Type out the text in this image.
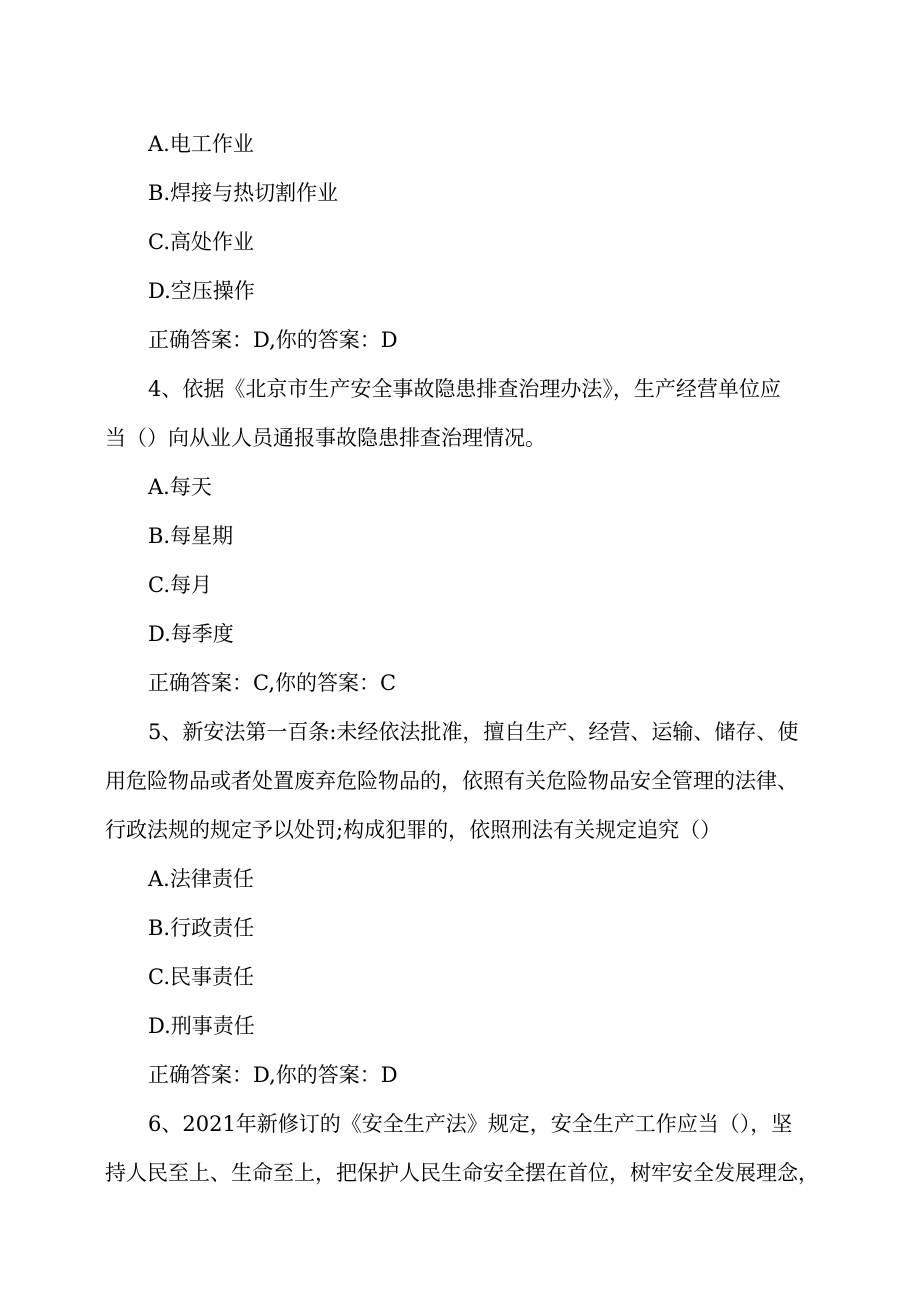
A.电工作业
B.焊接与热切割作业
C.高处作业
D.空压操作
正确答案：D,你的答案：D
4、依据《北京市生产安全事故隐患排查治理办法》，生产经营单位应
当（）向从业人员通报事故隐患排查治理情况。
A.每天
B.每星期
C.每月
D.每季度
正确答案：C,你的答案：C
5、新安法第一百条:未经依法批准，擅自生产、经营、运输、储存、使
用危险物品或者处置废弃危险物品的，依照有关危险物品安全管理的法律、
行政法规的规定予以处罚;构成犯罪的，依照刑法有关规定追究（）
A.法律责任
B.行政责任
C.民事责任
D.刑事责任
正确答案：D,你的答案：D
6、2021年新修订的《安全生产法》规定，安全生产工作应当（），坚
持人民至上、生命至上，把保护人民生命安全摆在首位，树牢安全发展理念，
